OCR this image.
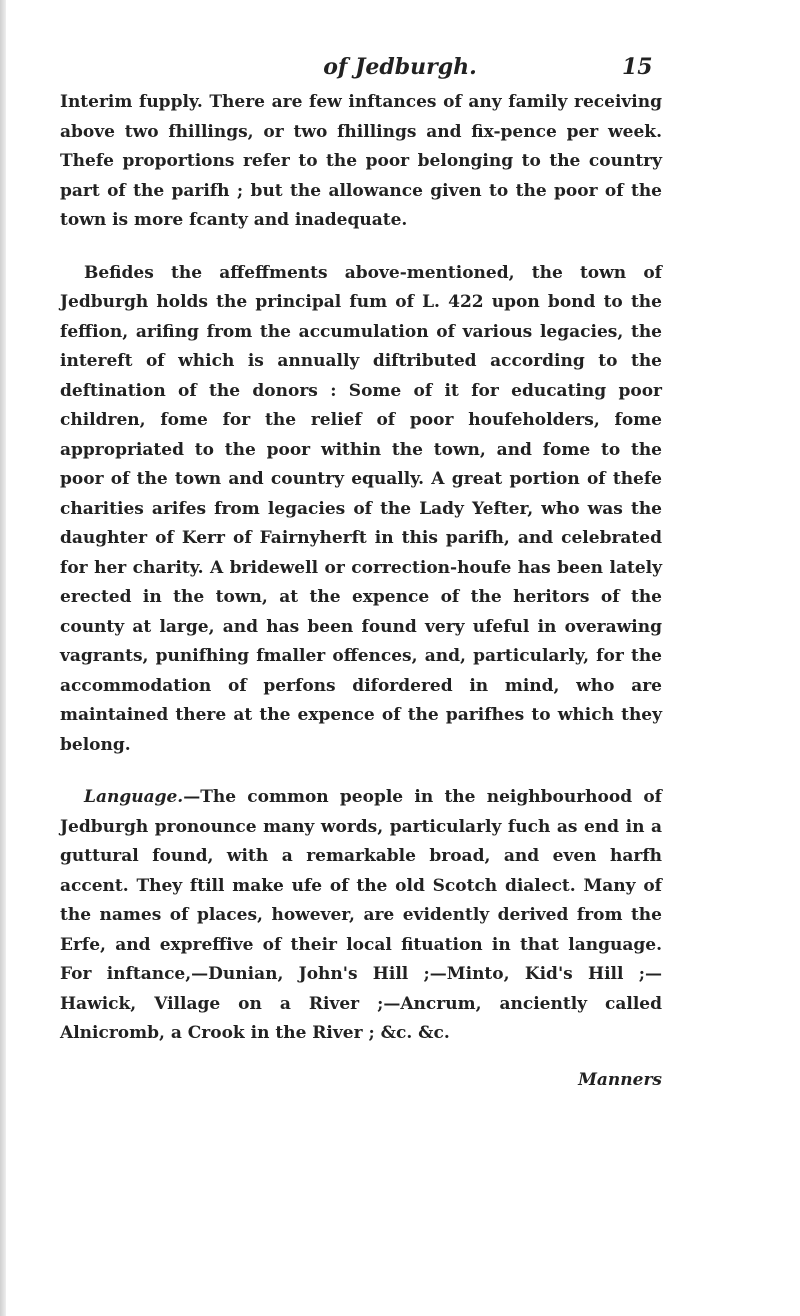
of Jedburgh.	15

Interim fupply. There are few inftances of any family receiving above two fhillings, or two fhillings and fix-pence per week. Thefe proportions refer to the poor belonging to the country part of the parifh ; but the allowance given to the poor of the town is more fcanty and inadequate.

Befides the affeffments above-mentioned, the town of Jedburgh holds the principal fum of L. 422 upon bond to the feffion, arifing from the accumulation of various legacies, the intereft of which is annually diftributed according to the deftination of the donors : Some of it for educating poor children, fome for the relief of poor houfeholders, fome appropriated to the poor within the town, and fome to the poor of the town and country equally. A great portion of thefe charities arifes from legacies of the Lady Yefter, who was the daughter of Kerr of Fairnyherft in this parifh, and celebrated for her charity. A bridewell or correction-houfe has been lately erected in the town, at the expence of the heritors of the county at large, and has been found very ufeful in overawing vagrants, punifhing fmaller offences, and, particularly, for the accommodation of perfons difordered in mind, who are maintained there at the expence of the parifhes to which they belong.

Language.—The common people in the neighbourhood of Jedburgh pronounce many words, particularly fuch as end in a guttural found, with a remarkable broad, and even harfh accent. They ftill make ufe of the old Scotch dialect. Many of the names of places, however, are evidently derived from the Erfe, and expreffive of their local fituation in that language. For inftance,—Dunian, John's Hill ;—Minto, Kid's Hill ;—Hawick, Village on a River ;—Ancrum, anciently called Alnicromb, a Crook in the River ; &c. &c.

Manners
